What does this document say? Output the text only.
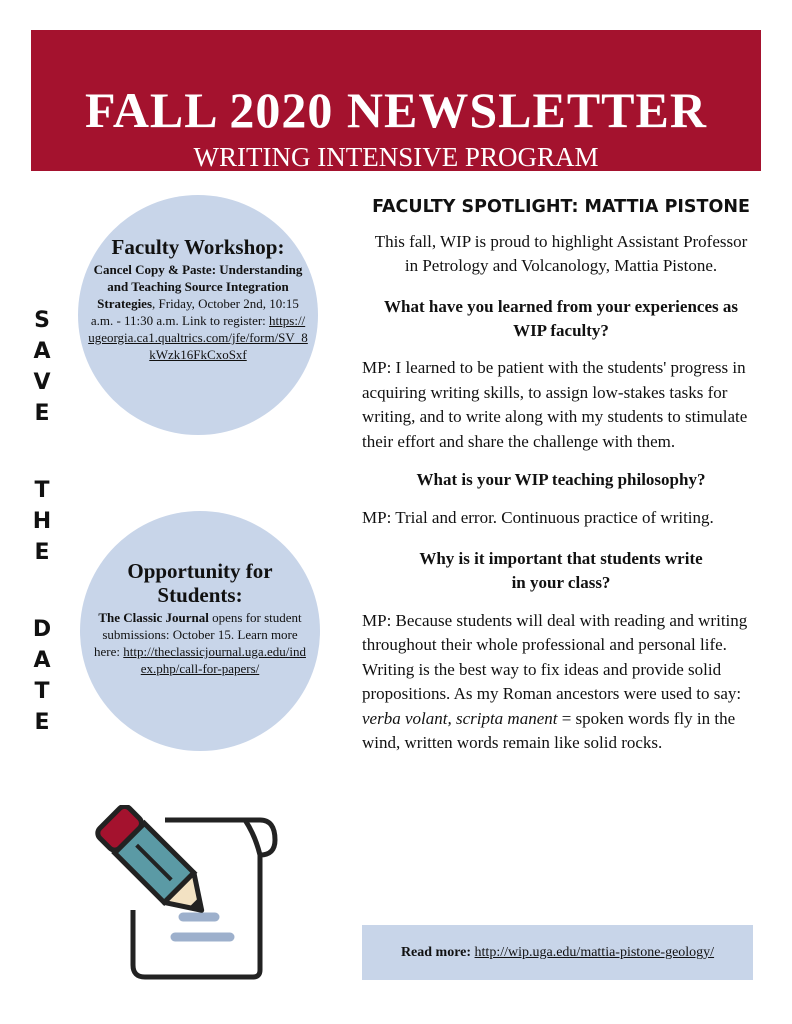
FALL 2020 NEWSLETTER
WRITING INTENSIVE PROGRAM
S
A
V
E
T
H
E
D
A
T
E
Faculty Workshop:
Cancel Copy & Paste: Understanding and Teaching Source Integration Strategies, Friday, October 2nd, 10:15 a.m. - 11:30 a.m. Link to register: https://ugeorgia.ca1.qualtrics.com/jfe/form/SV_8kWzk16FkCxoSxf
Opportunity for Students:
The Classic Journal opens for student submissions: October 15. Learn more here: http://theclassicjournal.uga.edu/index.php/call-for-papers/
FACULTY SPOTLIGHT: MATTIA PISTONE
This fall, WIP is proud to highlight Assistant Professor in Petrology and Volcanology, Mattia Pistone.
What have you learned from your experiences as WIP faculty?
MP: I learned to be patient with the students' progress in acquiring writing skills, to assign low-stakes tasks for writing, and to write along with my students to stimulate their effort and share the challenge with them.
What is your WIP teaching philosophy?
MP: Trial and error. Continuous practice of writing.
Why is it important that students write in your class?
MP: Because students will deal with reading and writing throughout their whole professional and personal life. Writing is the best way to fix ideas and provide solid propositions. As my Roman ancestors were used to say: verba volant, scripta manent = spoken words fly in the wind, written words remain like solid rocks.
Read more: http://wip.uga.edu/mattia-pistone-geology/
